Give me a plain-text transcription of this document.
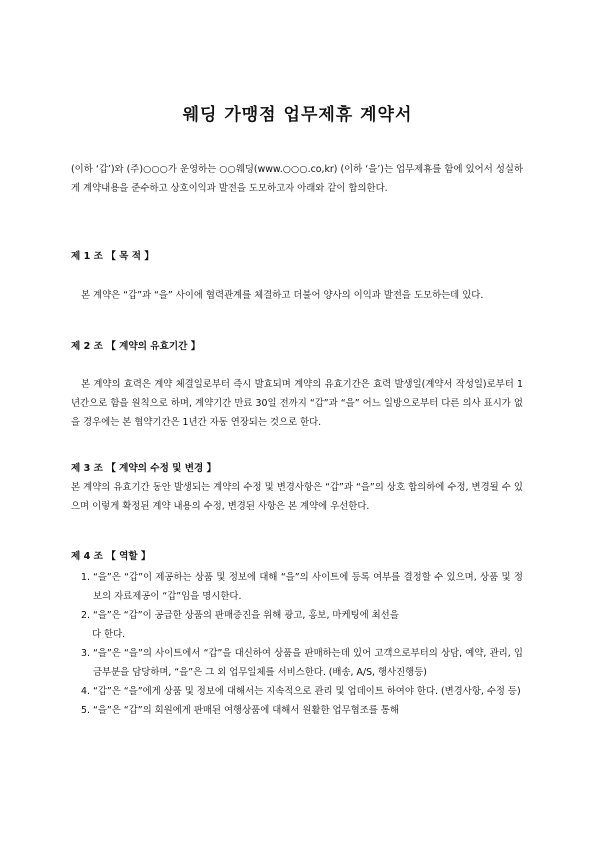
웨딩 가맹점 업무제휴 계약서
(이하 ‘갑’)와 (주)○○○가 운영하는 ○○웨딩(www.○○○.co,kr) (이하 ‘을’)는 업무제휴를 함에 있어서 성실하게 계약내용을 준수하고 상호이익과 발전을 도모하고자 아래와 같이 합의한다.
제 1 조 【 목 적 】
본 계약은 “갑”과 “을” 사이에 협력관계를 체결하고 더불어 양사의 이익과 발전을 도모하는데 있다.
제 2 조 【 계약의 유효기간 】
본 계약의 효력은 계약 체결일로부터 즉시 발효되며 계약의 유효기간은 효력 발생일(계약서 작성일)로부터 1년간으로 함을 원칙으로 하며, 계약기간 만료 30일 전까지 “갑”과 “을” 어느 일방으로부터 다른 의사 표시가 없을 경우에는 본 협약기간은 1년간 자동 연장되는 것으로 한다.
제 3 조 【 계약의 수정 및 변경 】
본 계약의 유효기간 동안 발생되는 계약의 수정 및 변경사항은 “갑”과 “을”의 상호 합의하에 수정, 변경될 수 있으며 이렇게 확정된 계약 내용의 수정, 변경된 사항은 본 계약에 우선한다.
제 4 조 【 역할 】
1. “을”은 “갑”이 제공하는 상품 및 정보에 대해 “을”의 사이트에 등록 여부를 결정할 수 있으며, 상품 및 정보의 자료제공이 “갑”임을 명시한다.
2. “을”은 “갑”이 공급한 상품의 판매증진을 위해 광고, 홍보, 마케팅에 최선을
다 한다.
3. “을”은 “을”의 사이트에서 “갑”을 대신하여 상품을 판매하는데 있어 고객으로부터의 상담, 예약, 관리, 입금부분을 담당하며, “을”은 그 외 업무일체를 서비스한다. (배송, A/S, 행사진행등)
4. “갑”은 “을”에게 상품 및 정보에 대해서는 지속적으로 관리 및 업데이트 하여야 한다. (변경사항, 수정 등)
5. “을”은 “갑”의 회원에게 판매된 여행상품에 대해서 원활한 업무협조를 통해
